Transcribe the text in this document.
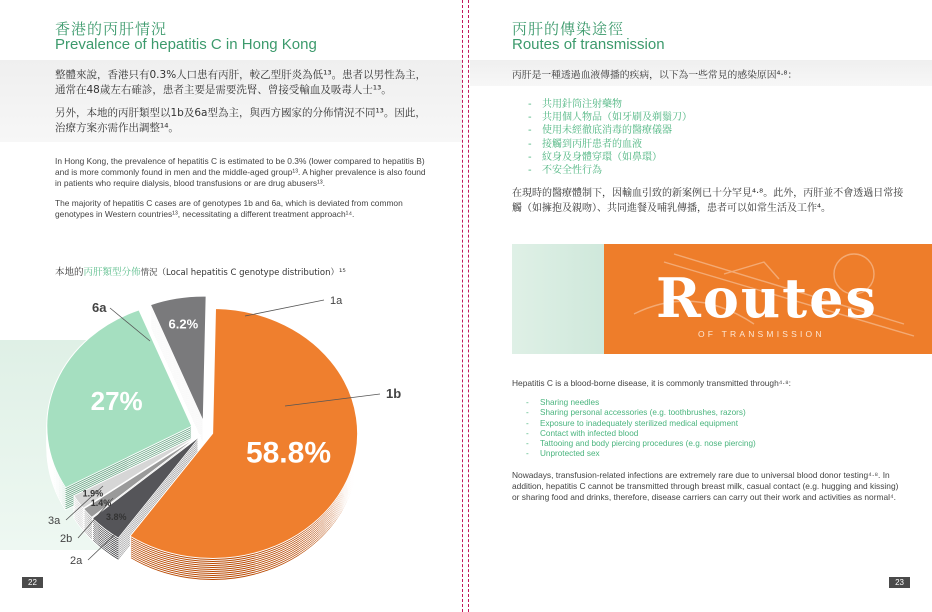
香港的丙肝情況
Prevalence of hepatitis C in Hong Kong
整體來說，香港只有0.3%人口患有丙肝，較乙型肝炎為低¹³。患者以男性為主，通常在48歲左右確診，患者主要是需要洗腎、曾接受輸血及吸毒人士¹³。
另外，本地的丙肝類型以1b及6a型為主，與西方國家的分佈情況不同¹³。因此，治療方案亦需作出調整¹⁴。
In Hong Kong, the prevalence of hepatitis C is estimated to be 0.3% (lower compared to hepatitis B) and is more commonly found in men and the middle-aged group¹³. A higher prevalence is also found in patients who require dialysis, blood transfusions or are drug abusers¹³.
The majority of hepatitis C cases are of genotypes 1b and 6a, which is deviated from common genotypes in Western countries¹³, necessitating a different treatment approach¹⁴.
本地的丙肝類型分佈情況（Local hepatitis C genotype distribution）¹⁵
58.8%
3.8%
1.4%
1.9%
27%
6.2%
1a
6a
1b
3a
2b
2a
22
丙肝的傳染途徑
Routes of transmission
丙肝是一種透過血液傳播的疾病，以下為一些常見的感染原因⁴·⁸：
- 共用針筒注射藥物
- 共用個人物品（如牙刷及剃鬚刀）
- 使用未經徹底消毒的醫療儀器
- 接觸到丙肝患者的血液
- 紋身及身體穿環（如鼻環）
- 不安全性行為
在現時的醫療體制下，因輸血引致的新案例已十分罕見⁴·⁸。此外，丙肝並不會透過日常接觸（如擁抱及親吻）、共同進餐及哺乳傳播，患者可以如常生活及工作⁴。
Routes
OF TRANSMISSION
Hepatitis C is a blood-borne disease, it is commonly transmitted through⁴·⁸:
- Sharing needles
- Sharing personal accessories (e.g. toothbrushes, razors)
- Exposure to inadequately sterilized medical equipment
- Contact with infected blood
- Tattooing and body piercing procedures (e.g. nose piercing)
- Unprotected sex
Nowadays, transfusion-related infections are extremely rare due to universal blood donor testing⁴·⁸. In addition, hepatitis C cannot be transmitted through breast milk, casual contact (e.g. hugging and kissing) or sharing food and drinks, therefore, disease carriers can carry out their work and activities as normal⁴.
23
